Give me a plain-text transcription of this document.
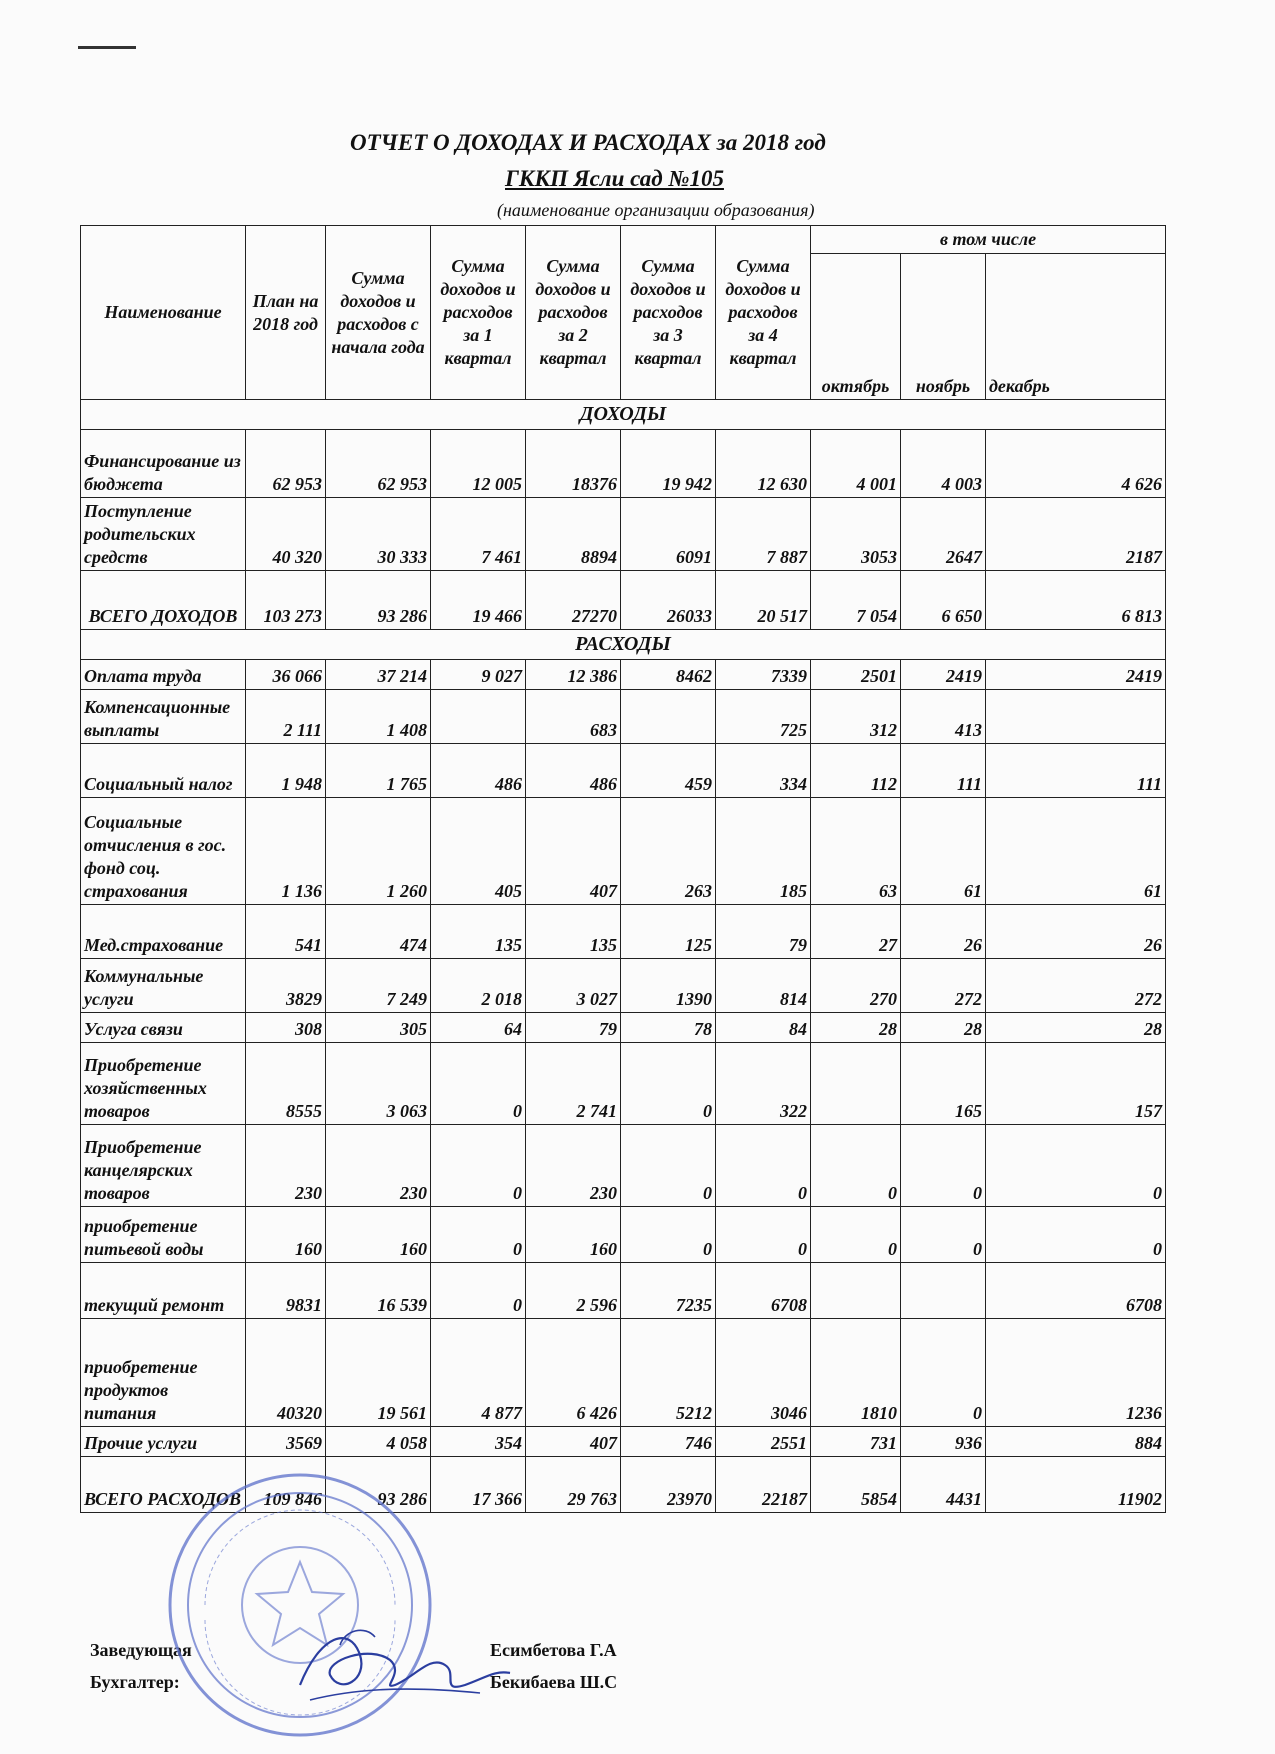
ОТЧЕТ О ДОХОДАХ И РАСХОДАХ за 2018 год
ГККП Ясли сад №105
(наименование организации образования)
Наименование	План на 2018 год	Сумма доходов и расходов с начала года	Сумма доходов и расходов за 1 квартал	Сумма доходов и расходов за 2 квартал	Сумма доходов и расходов за 3 квартал	Сумма доходов и расходов за 4 квартал	в том числе		
							октябрь	ноябрь	декабрь
ДОХОДЫ									
Финансирование из бюджета	62 953	62 953	12 005	18376	19 942	12 630	4 001	4 003	4 626
Поступление родительских средств	40 320	30 333	7 461	8894	6091	7 887	3053	2647	2187
ВСЕГО ДОХОДОВ	103 273	93 286	19 466	27270	26033	20 517	7 054	6 650	6 813
РАСХОДЫ									
Оплата труда	36 066	37 214	9 027	12 386	8462	7339	2501	2419	2419
Компенсационные выплаты	2 111	1 408		683		725	312	413	
Социальный налог	1 948	1 765	486	486	459	334	112	111	111
Социальные отчисления в гос. фонд соц. страхования	1 136	1 260	405	407	263	185	63	61	61
Мед.страхование	541	474	135	135	125	79	27	26	26
Коммунальные услуги	3829	7 249	2 018	3 027	1390	814	270	272	272
Услуга связи	308	305	64	79	78	84	28	28	28
Приобретение хозяйственных товаров	8555	3 063	0	2 741	0	322		165	157
Приобретение канцелярских товаров	230	230	0	230	0	0	0	0	0
приобретение питьевой воды	160	160	0	160	0	0	0	0	0
текущий ремонт	9831	16 539	0	2 596	7235	6708			6708
приобретение продуктов питания	40320	19 561	4 877	6 426	5212	3046	1810	0	1236
Прочие услуги	3569	4 058	354	407	746	2551	731	936	884
ВСЕГО РАСХОДОВ	109 846	93 286	17 366	29 763	23970	22187	5854	4431	11902
Заведующая	Есимбетова Г.А
Бухгалтер:	Бекибаева Ш.С
